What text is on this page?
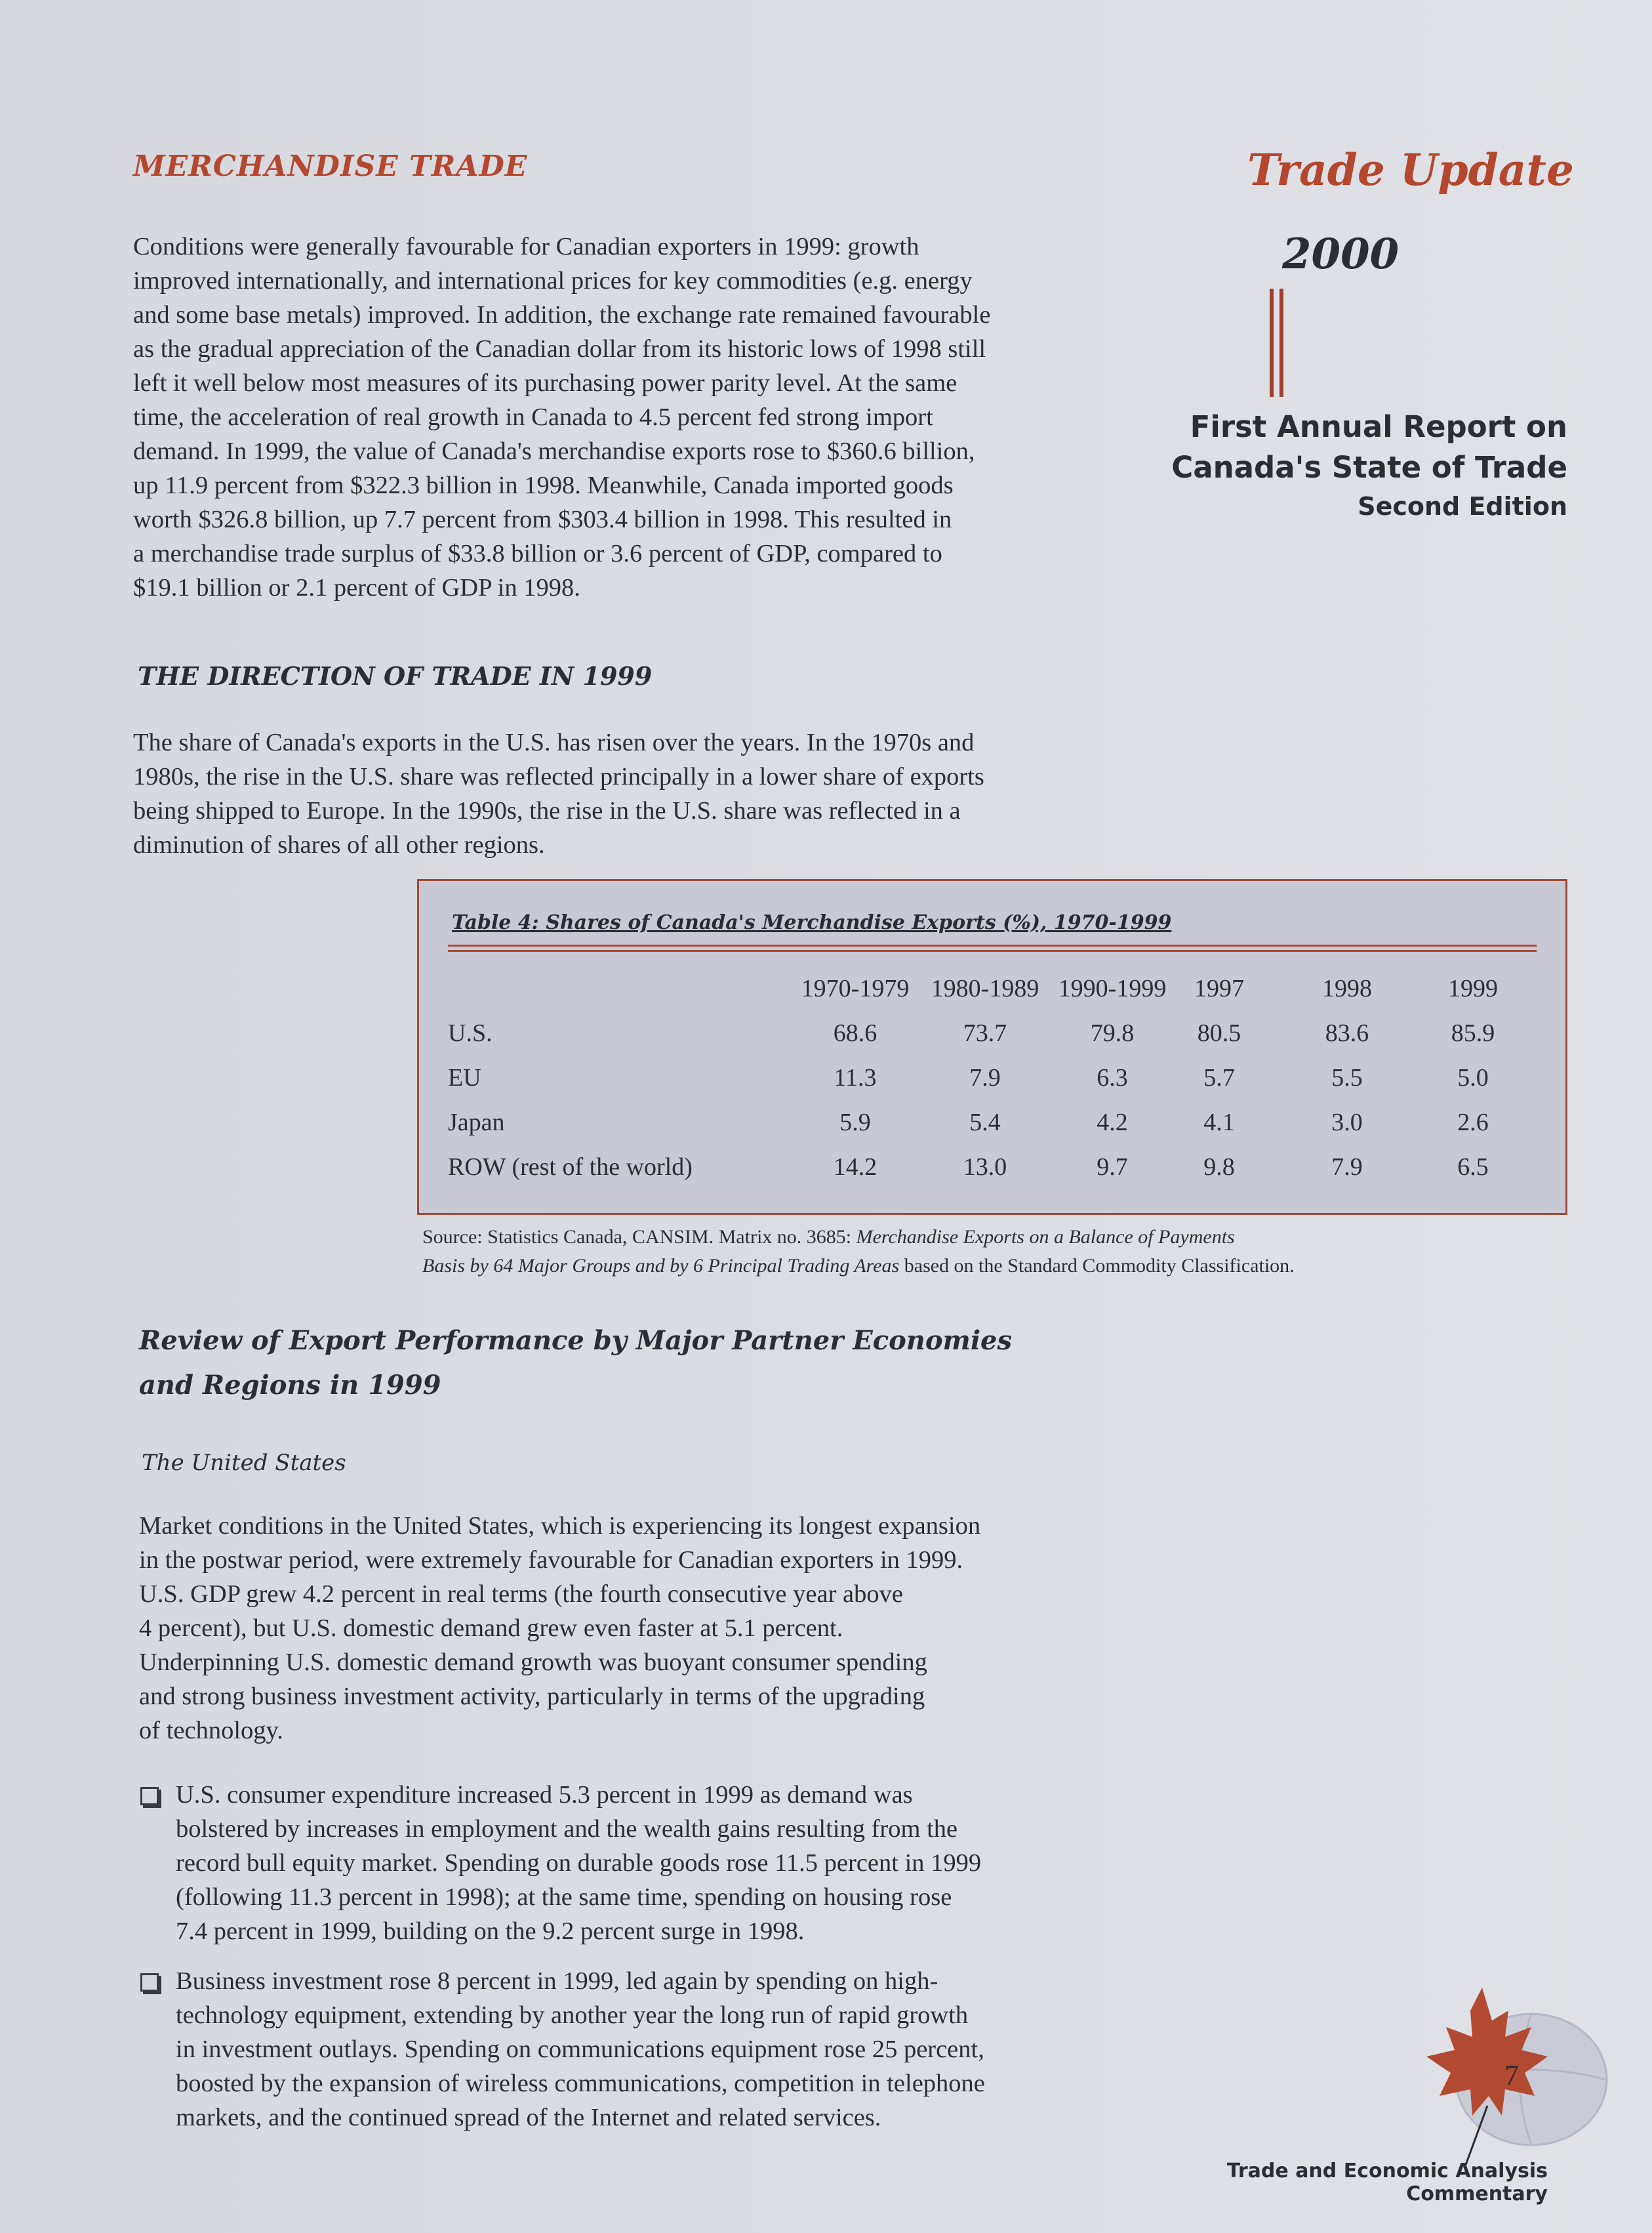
MERCHANDISE TRADE
Conditions were generally favourable for Canadian exporters in 1999: growth
improved internationally, and international prices for key commodities (e.g. energy
and some base metals) improved. In addition, the exchange rate remained favourable
as the gradual appreciation of the Canadian dollar from its historic lows of 1998 still
left it well below most measures of its purchasing power parity level. At the same
time, the acceleration of real growth in Canada to 4.5 percent fed strong import
demand. In 1999, the value of Canada's merchandise exports rose to $360.6 billion,
up 11.9 percent from $322.3 billion in 1998. Meanwhile, Canada imported goods
worth $326.8 billion, up 7.7 percent from $303.4 billion in 1998. This resulted in
a merchandise trade surplus of $33.8 billion or 3.6 percent of GDP, compared to
$19.1 billion or 2.1 percent of GDP in 1998.
Trade Update
2000
First Annual Report on
Canada's State of Trade
Second Edition
THE DIRECTION OF TRADE IN 1999
The share of Canada's exports in the U.S. has risen over the years. In the 1970s and
1980s, the rise in the U.S. share was reflected principally in a lower share of exports
being shipped to Europe. In the 1990s, the rise in the U.S. share was reflected in a
diminution of shares of all other regions.
Table 4: Shares of Canada's Merchandise Exports (%), 1970-1999
1970-1979 1980-1989 1990-1999	1997	1998	1999
U.S.	68.6	73.7	79.8	80.5	83.6	85.9
EU	11.3	7.9	6.3	5.7	5.5	5.0
Japan	5.9	5.4	4.2	4.1	3.0	2.6
ROW (rest of the world)	14.2	13.0	9.7	9.8	7.9	6.5
Source: Statistics Canada, CANSIM. Matrix no. 3685: Merchandise Exports on a Balance of Payments
Basis by 64 Major Groups and by 6 Principal Trading Areas based on the Standard Commodity Classification.
Review of Export Performance by Major Partner Economies
and Regions in 1999
The United States
Market conditions in the United States, which is experiencing its longest expansion
in the postwar period, were extremely favourable for Canadian exporters in 1999.
U.S. GDP grew 4.2 percent in real terms (the fourth consecutive year above
4 percent), but U.S. domestic demand grew even faster at 5.1 percent.
Underpinning U.S. domestic demand growth was buoyant consumer spending
and strong business investment activity, particularly in terms of the upgrading
of technology.
U.S. consumer expenditure increased 5.3 percent in 1999 as demand was
bolstered by increases in employment and the wealth gains resulting from the
record bull equity market. Spending on durable goods rose 11.5 percent in 1999
(following 11.3 percent in 1998); at the same time, spending on housing rose
7.4 percent in 1999, building on the 9.2 percent surge in 1998.
Business investment rose 8 percent in 1999, led again by spending on high-
technology equipment, extending by another year the long run of rapid growth
in investment outlays. Spending on communications equipment rose 25 percent,
boosted by the expansion of wireless communications, competition in telephone
markets, and the continued spread of the Internet and related services.
7
Trade and Economic Analysis Commentary
